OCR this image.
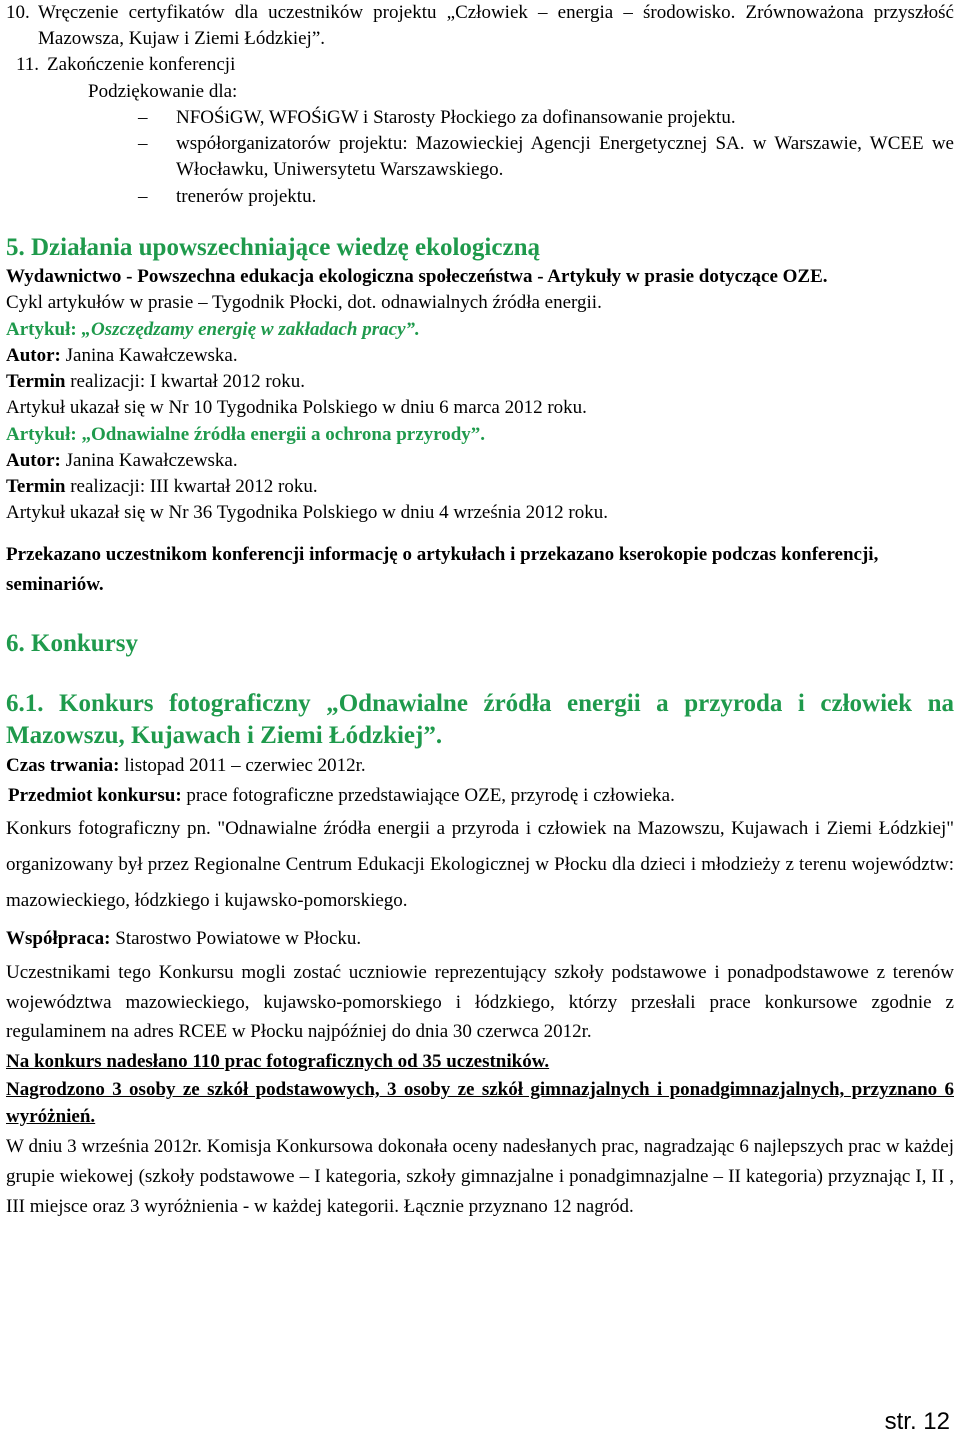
10. Wręczenie certyfikatów dla uczestników projektu „Człowiek – energia – środowisko. Zrównoważona przyszłość Mazowsza, Kujaw i Ziemi Łódzkiej”.
11. Zakończenie konferencji

Podziękowanie dla:

–	NFOŚiGW, WFOŚiGW i Starosty Płockiego za dofinansowanie projektu.
–	współorganizatorów projektu: Mazowieckiej Agencji Energetycznej SA. w Warszawie, WCEE we Włocławku, Uniwersytetu Warszawskiego.
–	trenerów projektu.

5. Działania upowszechniające wiedzę ekologiczną

Wydawnictwo - Powszechna edukacja ekologiczna społeczeństwa - Artykuły w prasie dotyczące OZE.

Cykl artykułów w prasie – Tygodnik Płocki, dot. odnawialnych źródła energii.

Artykuł: „Oszczędzamy energię w zakładach pracy”.

Autor: Janina Kawałczewska.

Termin realizacji: I kwartał 2012 roku.

Artykuł ukazał się w Nr 10 Tygodnika Polskiego w dniu 6 marca 2012 roku.

Artykuł: „Odnawialne źródła energii a ochrona przyrody”.

Autor: Janina Kawałczewska.

Termin realizacji: III kwartał 2012 roku.

Artykuł ukazał się w Nr 36 Tygodnika Polskiego w dniu 4 września 2012 roku.

Przekazano uczestnikom konferencji informację o artykułach i przekazano kserokopie podczas konferencji, seminariów.

6. Konkursy

6.1. Konkurs fotograficzny „Odnawialne źródła energii a przyroda i człowiek na Mazowszu, Kujawach i Ziemi Łódzkiej”.

Czas trwania: listopad 2011 – czerwiec 2012r.

Przedmiot konkursu: prace fotograficzne przedstawiające OZE, przyrodę i człowieka.

Konkurs fotograficzny pn. "Odnawialne źródła energii a przyroda i człowiek na Mazowszu, Kujawach i Ziemi Łódzkiej" organizowany był przez Regionalne Centrum Edukacji Ekologicznej w Płocku dla dzieci i młodzieży z terenu województw: mazowieckiego, łódzkiego i kujawsko-pomorskiego.

Współpraca: Starostwo Powiatowe w Płocku.

Uczestnikami tego Konkursu mogli zostać uczniowie reprezentujący szkoły podstawowe i ponadpodstawowe z terenów województwa mazowieckiego, kujawsko-pomorskiego i łódzkiego, którzy przesłali prace konkursowe zgodnie z regulaminem na adres RCEE w Płocku najpóźniej do dnia 30 czerwca 2012r.

Na konkurs nadesłano 110 prac fotograficznych od 35 uczestników.

Nagrodzono 3 osoby ze szkół podstawowych, 3 osoby ze szkół gimnazjalnych i ponadgimnazjalnych, przyznano 6 wyróżnień.

W dniu 3 września 2012r. Komisja Konkursowa dokonała oceny nadesłanych prac, nagradzając 6 najlepszych prac w każdej grupie wiekowej (szkoły podstawowe – I kategoria, szkoły gimnazjalne i ponadgimnazjalne – II kategoria) przyznając I, II , III miejsce oraz 3 wyróżnienia - w każdej kategorii. Łącznie przyznano 12 nagród.

str. 12
